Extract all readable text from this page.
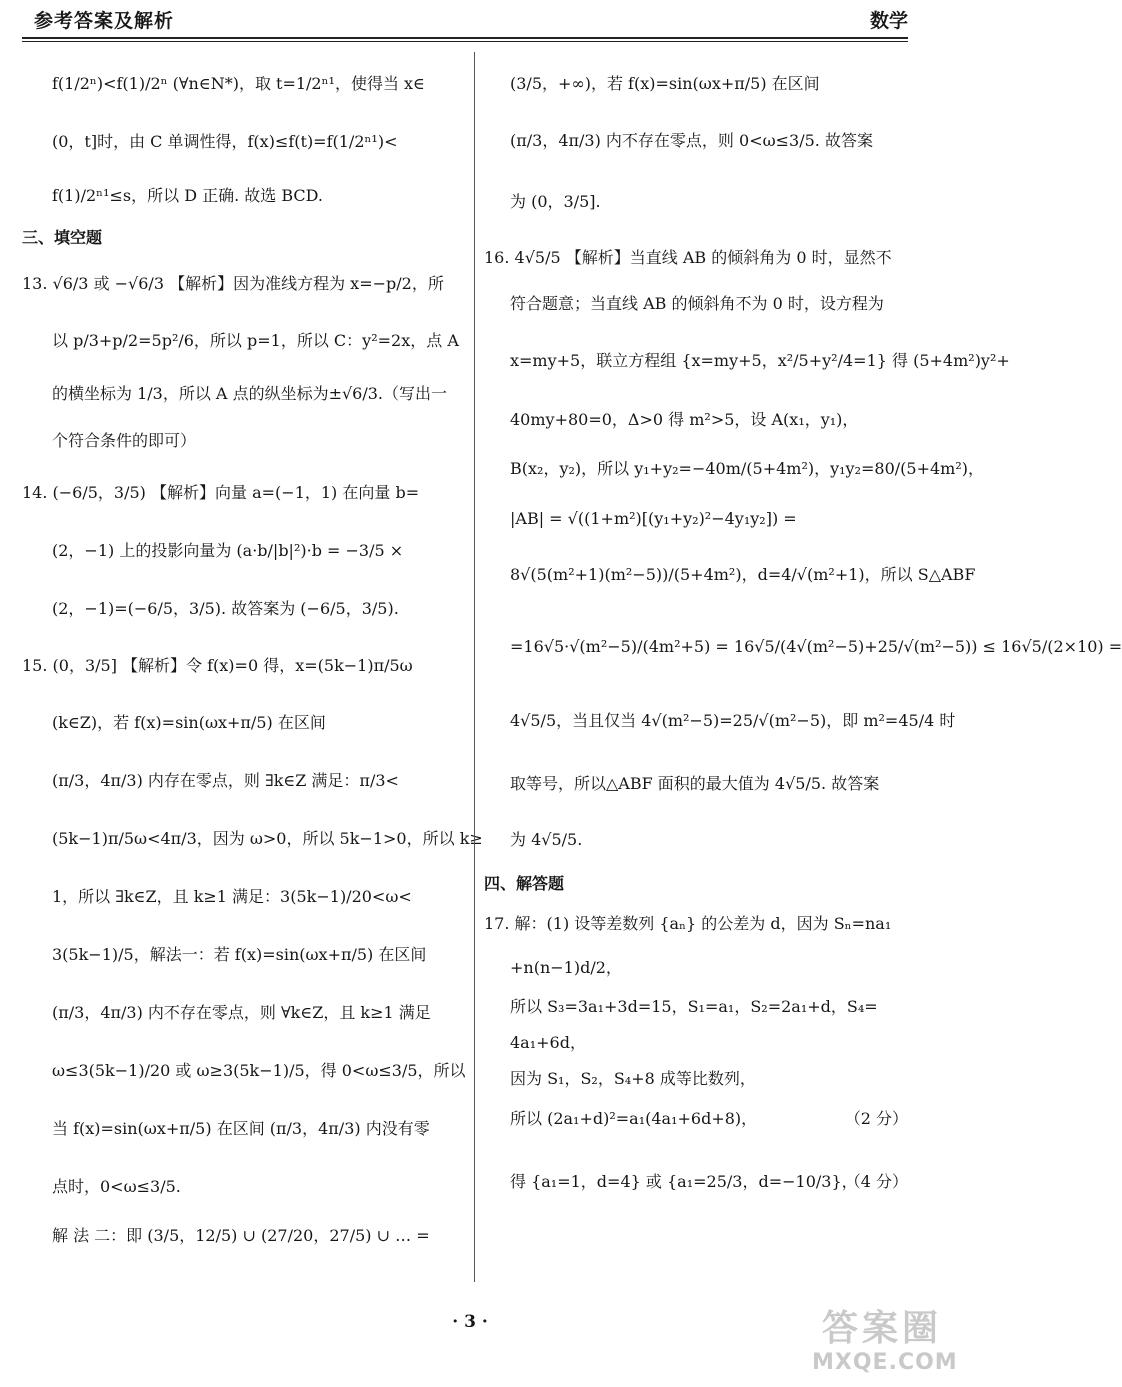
参考答案及解析	数学
f(1/2ⁿ)<f(1)/2ⁿ (∀n∈N*)，取 t=1/2ⁿ¹，使得当 x∈
(0，t]时，由 C 单调性得，f(x)≤f(t)=f(1/2ⁿ¹)<
f(1)/2ⁿ¹≤s，所以 D 正确. 故选 BCD.
三、填空题
13. √6/3 或 −√6/3 【解析】因为准线方程为 x=−p/2，所
以 p/3+p/2=5p²/6，所以 p=1，所以 C：y²=2x，点 A
的横坐标为 1/3，所以 A 点的纵坐标为±√6/3.（写出一
个符合条件的即可）
14. (−6/5，3/5) 【解析】向量 a=(−1，1) 在向量 b=
(2，−1) 上的投影向量为 (a·b/|b|²)·b = −3/5 ×
(2，−1)=(−6/5，3/5). 故答案为 (−6/5，3/5).
15. (0，3/5] 【解析】令 f(x)=0 得，x=(5k−1)π/5ω
(k∈Z)，若 f(x)=sin(ωx+π/5) 在区间
(π/3，4π/3) 内存在零点，则 ∃k∈Z 满足：π/3<
(5k−1)π/5ω<4π/3，因为 ω>0，所以 5k−1>0，所以 k≥
1，所以 ∃k∈Z，且 k≥1 满足：3(5k−1)/20<ω<
3(5k−1)/5，解法一：若 f(x)=sin(ωx+π/5) 在区间
(π/3，4π/3) 内不存在零点，则 ∀k∈Z，且 k≥1 满足
ω≤3(5k−1)/20 或 ω≥3(5k−1)/5，得 0<ω≤3/5，所以
当 f(x)=sin(ωx+π/5) 在区间 (π/3，4π/3) 内没有零
点时，0<ω≤3/5.
解 法 二：即 (3/5，12/5) ∪ (27/20，27/5) ∪ … =
(3/5，+∞)，若 f(x)=sin(ωx+π/5) 在区间
(π/3，4π/3) 内不存在零点，则 0<ω≤3/5. 故答案
为 (0，3/5].
16. 4√5/5 【解析】当直线 AB 的倾斜角为 0 时，显然不
符合题意；当直线 AB 的倾斜角不为 0 时，设方程为
x=my+5，联立方程组 {x=my+5，x²/5+y²/4=1} 得 (5+4m²)y²+
40my+80=0，Δ>0 得 m²>5，设 A(x₁，y₁)，
B(x₂，y₂)，所以 y₁+y₂=−40m/(5+4m²)，y₁y₂=80/(5+4m²)，
|AB| = √((1+m²)[(y₁+y₂)²−4y₁y₂]) =
8√(5(m²+1)(m²−5))/(5+4m²)，d=4/√(m²+1)，所以 S△ABF
=16√5·√(m²−5)/(4m²+5) = 16√5/(4√(m²−5)+25/√(m²−5)) ≤ 16√5/(2×10) =
4√5/5，当且仅当 4√(m²−5)=25/√(m²−5)，即 m²=45/4 时
取等号，所以△ABF 面积的最大值为 4√5/5. 故答案
为 4√5/5.
四、解答题
17. 解：(1) 设等差数列 {aₙ} 的公差为 d，因为 Sₙ=na₁
+n(n−1)d/2，
所以 S₃=3a₁+3d=15，S₁=a₁，S₂=2a₁+d，S₄=
4a₁+6d，
因为 S₁，S₂，S₄+8 成等比数列，
所以 (2a₁+d)²=a₁(4a₁+6d+8)，	（2 分）
得 {a₁=1，d=4} 或 {a₁=25/3，d=−10/3}，
（4 分）
· 3 ·	答案圈
MXQE.COM
